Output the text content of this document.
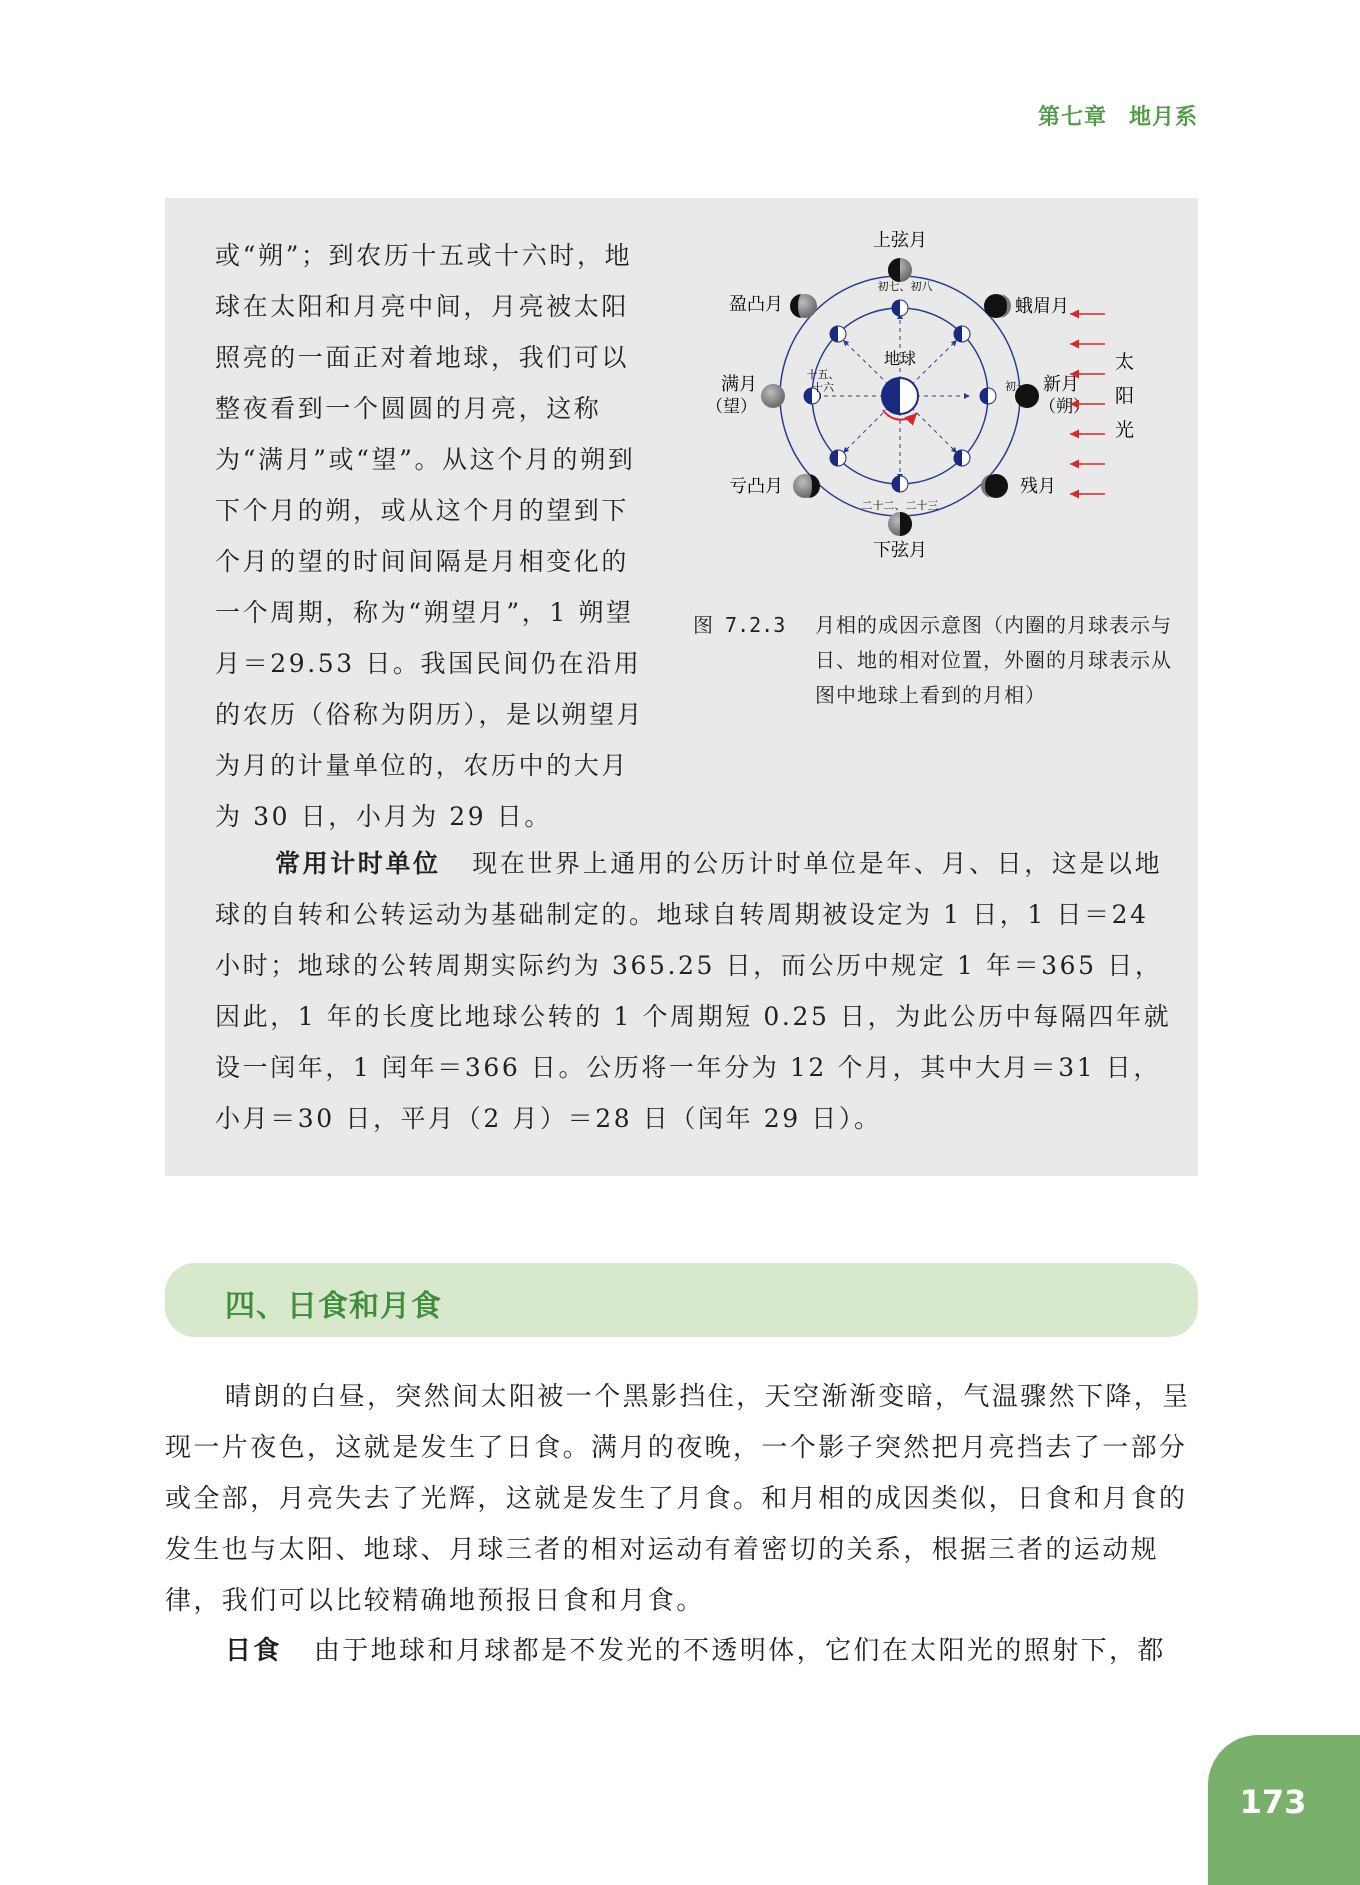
第七章 地月系

或“朔”；到农历十五或十六时，地球在太阳和月亮中间，月亮被太阳照亮的一面正对着地球，我们可以整夜看到一个圆圆的月亮，这称为“满月”或“望”。从这个月的朔到下个月的朔，或从这个月的望到下个月的望的时间间隔是月相变化的一个周期，称为“朔望月”，1 朔望月＝29.53 日。我国民间仍在沿用的农历（俗称为阴历），是以朔望月为月的计量单位的，农历中的大月为 30 日，小月为 29 日。

地球
上弦月
盈凸月	蛾眉月
满月
（望）
新月
（朔）
亏凸月	残月
下弦月
初七、初八
十五、
十六	初一
二十二、二十三
太
阳
光
图 7.2.3 月相的成因示意图（内圈的月球表示与日、地的相对位置，外圈的月球表示从图中地球上看到的月相）

常用计时单位 现在世界上通用的公历计时单位是年、月、日，这是以地球的自转和公转运动为基础制定的。地球自转周期被设定为 1 日，1 日＝24 小时；地球的公转周期实际约为 365.25 日，而公历中规定 1 年＝365 日，因此，1 年的长度比地球公转的 1 个周期短 0.25 日，为此公历中每隔四年就设一闰年，1 闰年＝366 日。公历将一年分为 12 个月，其中大月＝31 日，小月＝30 日，平月（2 月）＝28 日（闰年 29 日）。

四、日食和月食

晴朗的白昼，突然间太阳被一个黑影挡住，天空渐渐变暗，气温骤然下降，呈现一片夜色，这就是发生了日食。满月的夜晚，一个影子突然把月亮挡去了一部分或全部，月亮失去了光辉，这就是发生了月食。和月相的成因类似，日食和月食的发生也与太阳、地球、月球三者的相对运动有着密切的关系，根据三者的运动规律，我们可以比较精确地预报日食和月食。

日食 由于地球和月球都是不发光的不透明体，它们在太阳光的照射下，都

173
